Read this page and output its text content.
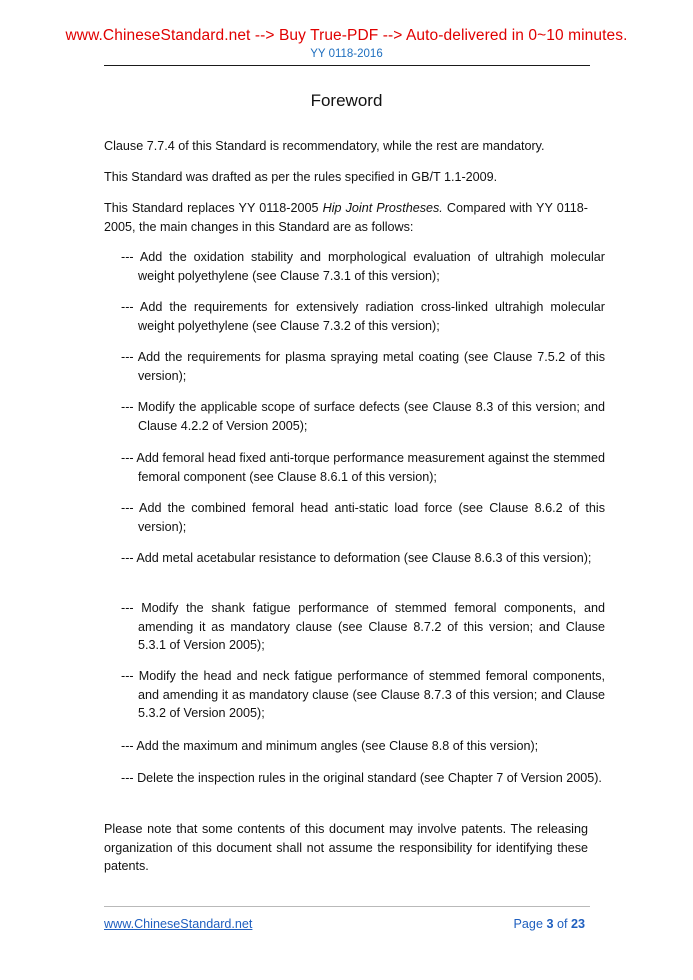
www.ChineseStandard.net --> Buy True-PDF --> Auto-delivered in 0~10 minutes.
YY 0118-2016
Foreword

Clause 7.7.4 of this Standard is recommendatory, while the rest are mandatory.

This Standard was drafted as per the rules specified in GB/T 1.1-2009.

This Standard replaces YY 0118-2005 Hip Joint Prostheses. Compared with YY 0118-2005, the main changes in this Standard are as follows:

--- Add the oxidation stability and morphological evaluation of ultrahigh molecular weight polyethylene (see Clause 7.3.1 of this version);

--- Add the requirements for extensively radiation cross-linked ultrahigh molecular weight polyethylene (see Clause 7.3.2 of this version);

--- Add the requirements for plasma spraying metal coating (see Clause 7.5.2 of this version);

--- Modify the applicable scope of surface defects (see Clause 8.3 of this version; and Clause 4.2.2 of Version 2005);

--- Add femoral head fixed anti-torque performance measurement against the stemmed femoral component (see Clause 8.6.1 of this version);

--- Add the combined femoral head anti-static load force (see Clause 8.6.2 of this version);

--- Add metal acetabular resistance to deformation (see Clause 8.6.3 of this version);

--- Modify the shank fatigue performance of stemmed femoral components, and amending it as mandatory clause (see Clause 8.7.2 of this version; and Clause 5.3.1 of Version 2005);

--- Modify the head and neck fatigue performance of stemmed femoral components, and amending it as mandatory clause (see Clause 8.7.3 of this version; and Clause 5.3.2 of Version 2005);

--- Add the maximum and minimum angles (see Clause 8.8 of this version);

--- Delete the inspection rules in the original standard (see Chapter 7 of Version 2005).

Please note that some contents of this document may involve patents. The releasing organization of this document shall not assume the responsibility for identifying these patents.

www.ChineseStandard.net	Page 3 of 23
